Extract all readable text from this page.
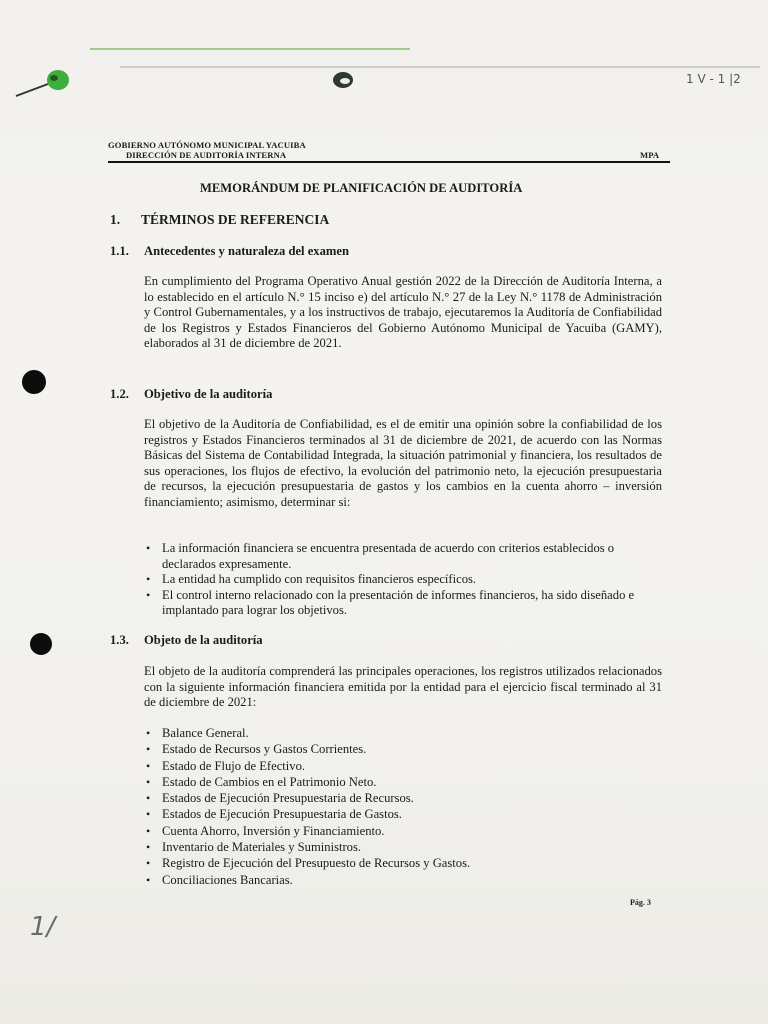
1 V - 1 |2
GOBIERNO AUTÓNOMO MUNICIPAL YACUIBA
DIRECCIÓN DE AUDITORÍA INTERNA	MPA
MEMORÁNDUM DE PLANIFICACIÓN DE AUDITORÍA
1. TÉRMINOS DE REFERENCIA
1.1. Antecedentes y naturaleza del examen
En cumplimiento del Programa Operativo Anual gestión 2022 de la Dirección de Auditoría Interna, a lo establecido en el artículo N.° 15 inciso e) del artículo N.° 27 de la Ley N.° 1178 de Administración y Control Gubernamentales, y a los instructivos de trabajo, ejecutaremos la Auditoría de Confiabilidad de los Registros y Estados Financieros del Gobierno Autónomo Municipal de Yacuiba (GAMY), elaborados al 31 de diciembre de 2021.
1.2. Objetivo de la auditoría
El objetivo de la Auditoría de Confiabilidad, es el de emitir una opinión sobre la confiabilidad de los registros y Estados Financieros terminados al 31 de diciembre de 2021, de acuerdo con las Normas Básicas del Sistema de Contabilidad Integrada, la situación patrimonial y financiera, los resultados de sus operaciones, los flujos de efectivo, la evolución del patrimonio neto, la ejecución presupuestaria de recursos, la ejecución presupuestaria de gastos y los cambios en la cuenta ahorro – inversión financiamiento; asimismo, determinar si:
• La información financiera se encuentra presentada de acuerdo con criterios establecidos o declarados expresamente.
• La entidad ha cumplido con requisitos financieros específicos.
• El control interno relacionado con la presentación de informes financieros, ha sido diseñado e implantado para lograr los objetivos.
1.3. Objeto de la auditoría
El objeto de la auditoría comprenderá las principales operaciones, los registros utilizados relacionados con la siguiente información financiera emitida por la entidad para el ejercicio fiscal terminado al 31 de diciembre de 2021:
• Balance General.
• Estado de Recursos y Gastos Corrientes.
• Estado de Flujo de Efectivo.
• Estado de Cambios en el Patrimonio Neto.
• Estados de Ejecución Presupuestaria de Recursos.
• Estados de Ejecución Presupuestaria de Gastos.
• Cuenta Ahorro, Inversión y Financiamiento.
• Inventario de Materiales y Suministros.
• Registro de Ejecución del Presupuesto de Recursos y Gastos.
• Conciliaciones Bancarias.
Pág. 3
1/
